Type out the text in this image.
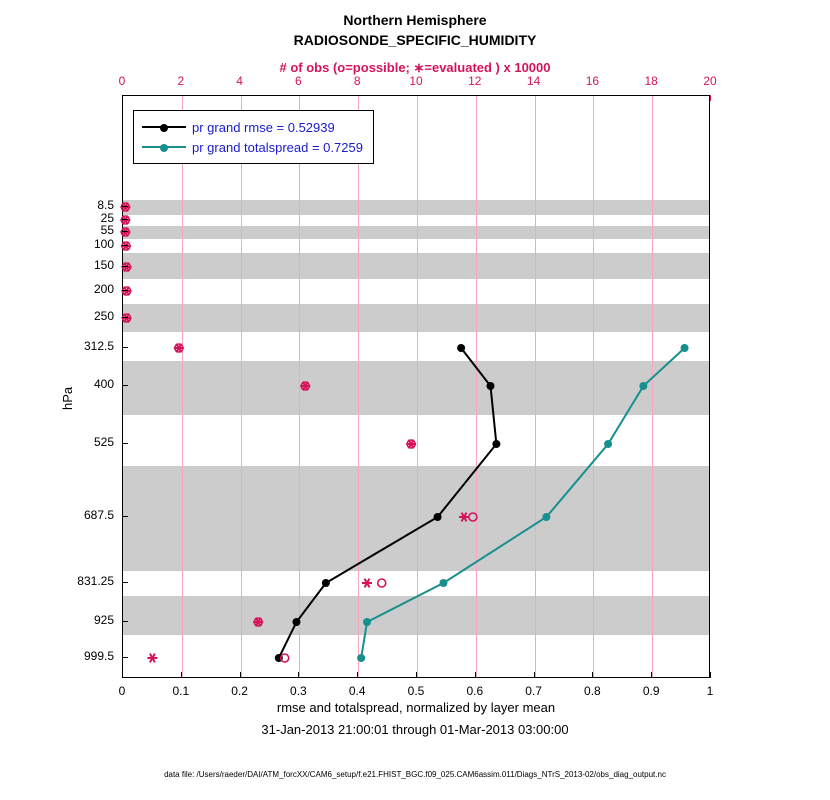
Northern Hemisphere
RADIOSONDE_SPECIFIC_HUMIDITY
# of obs (o=possible; ∗=evaluated ) x 10000
0	2	4	6	8	10	12	14	16	18	20
pr grand rmse = 0.52939
pr grand totalspread = 0.7259
8.5
25
55
100
150
200
250
312.5
400
525
687.5
831.25
925
999.5
0	0.1	0.2	0.3	0.4	0.5	0.6	0.7	0.8	0.9	1
hPa
rmse and totalspread, normalized by layer mean
31-Jan-2013 21:00:01 through 01-Mar-2013 03:00:00
data file: /Users/raeder/DAI/ATM_forcXX/CAM6_setup/f.e21.FHIST_BGC.f09_025.CAM6assim.011/Diags_NTrS_2013-02/obs_diag_output.nc
